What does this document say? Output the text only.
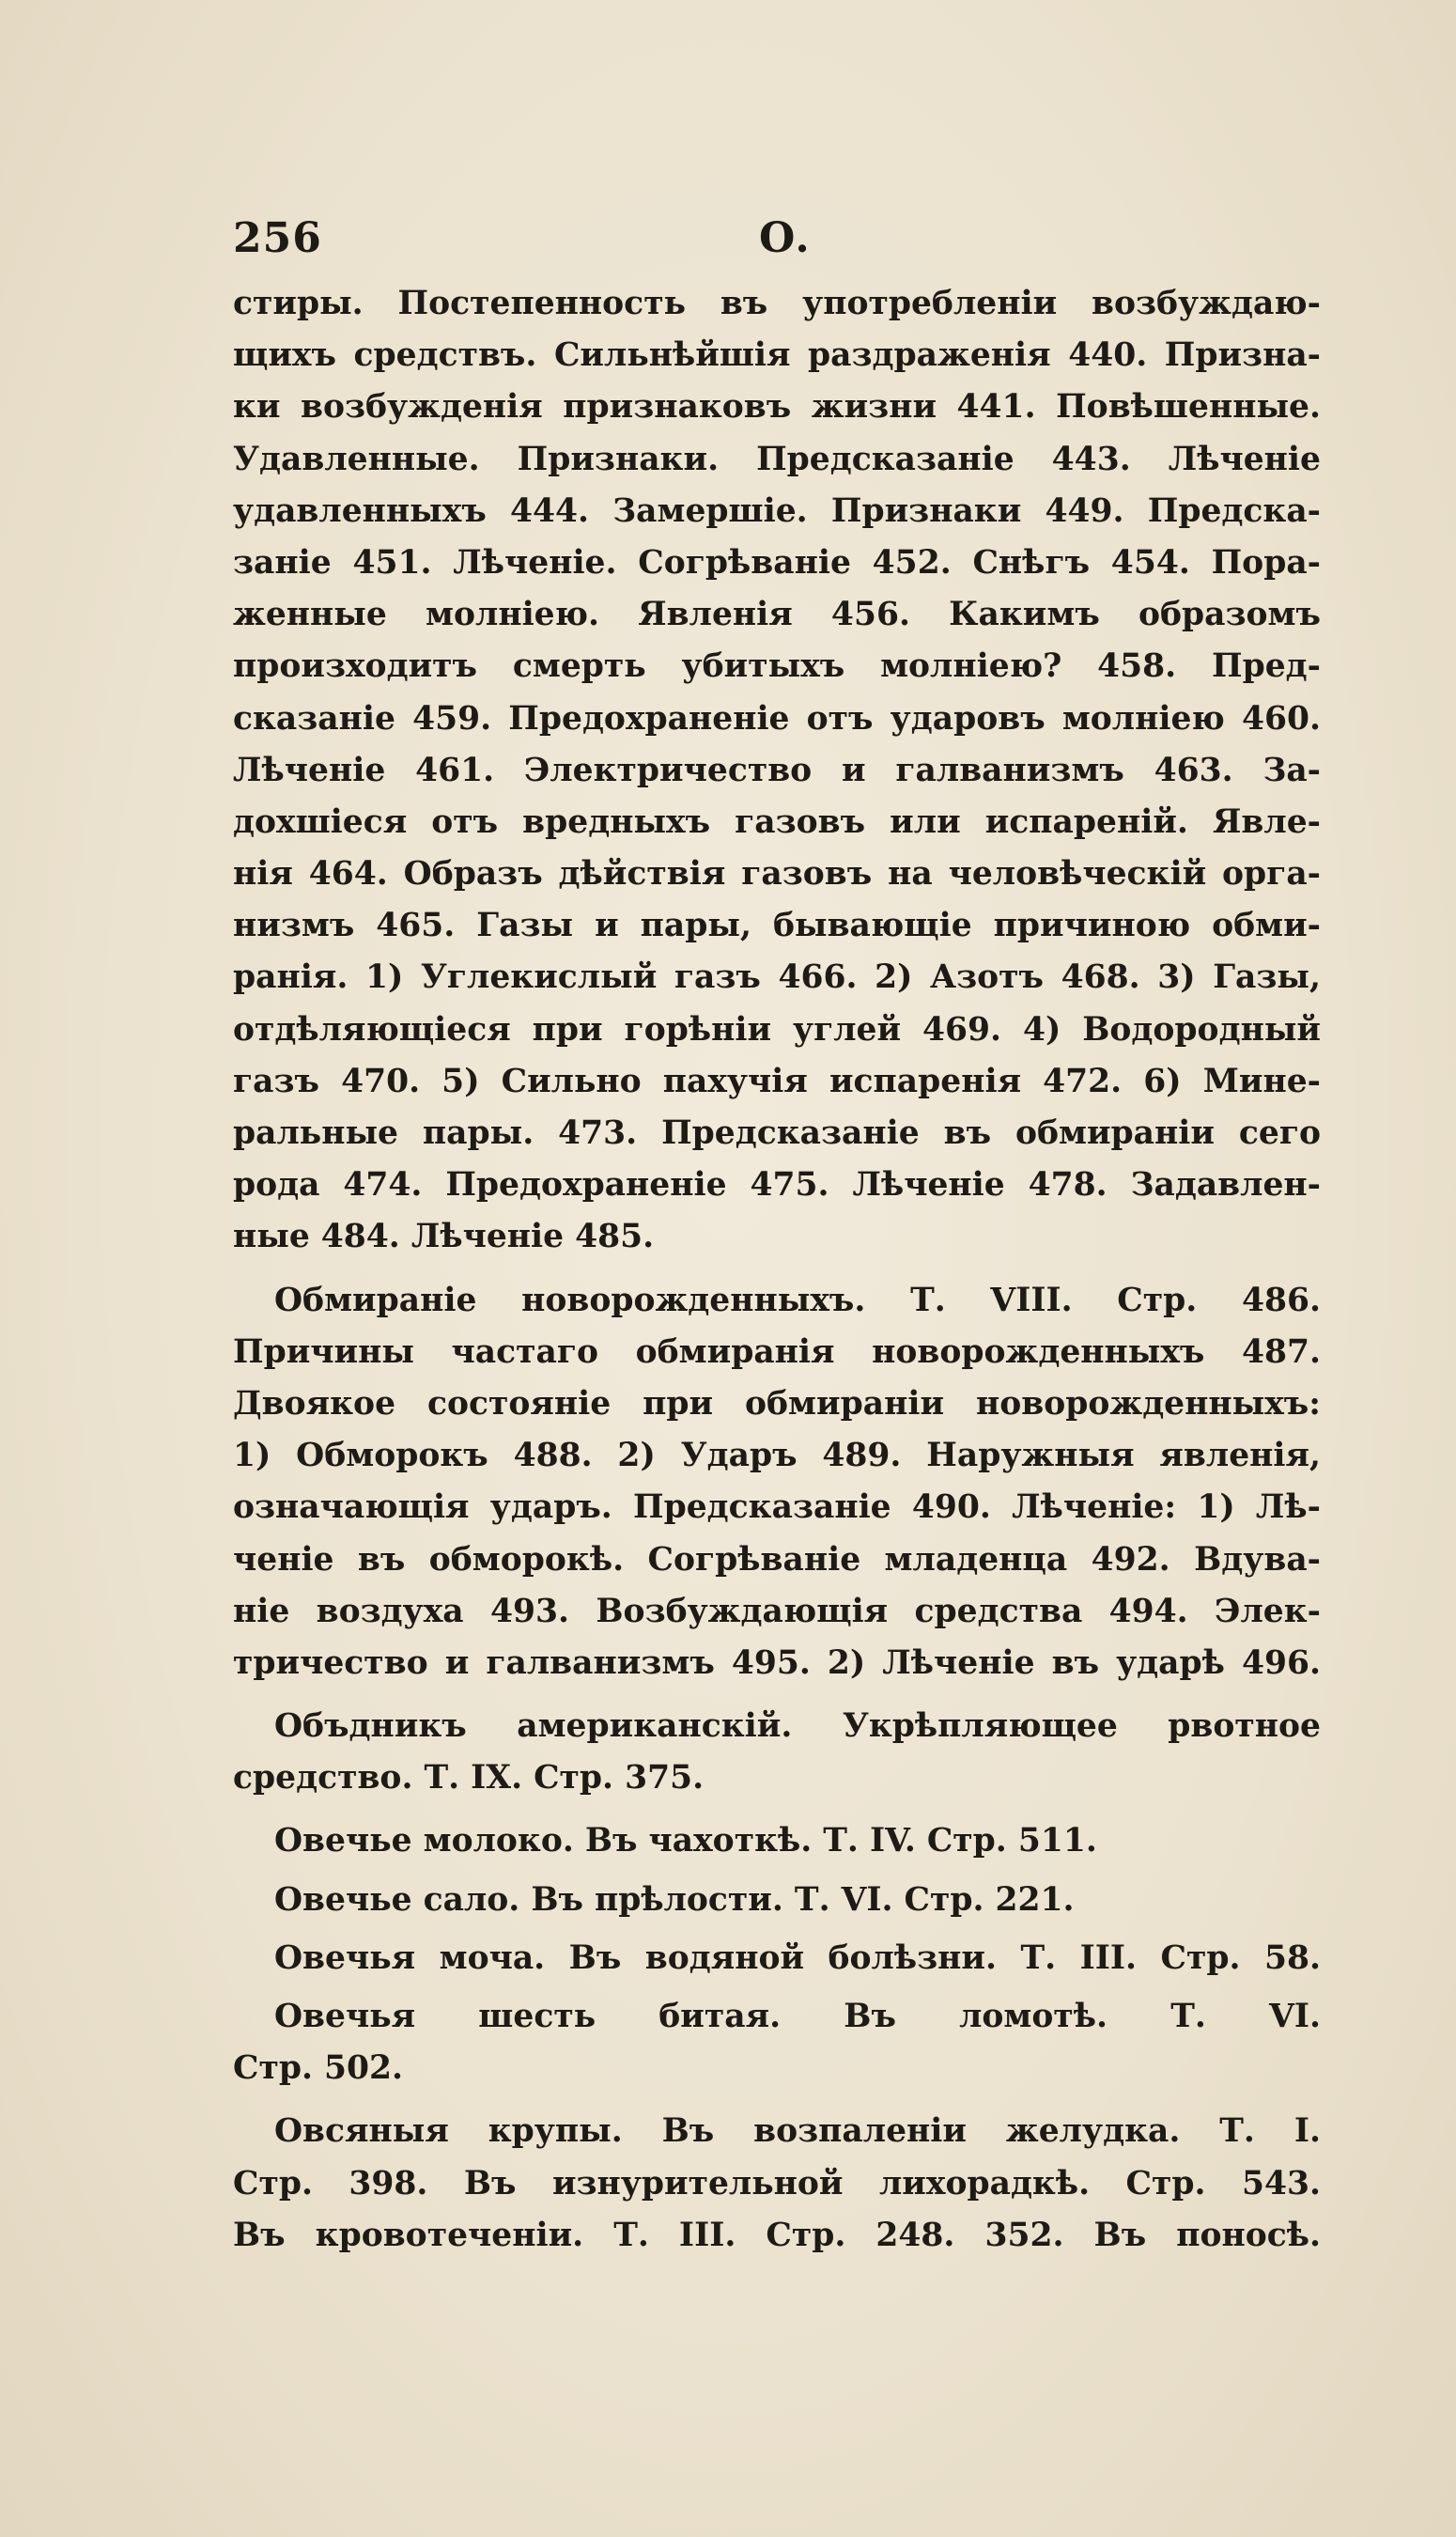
256	О.
стиры. Постепенность въ употребленіи возбуждаю-
щихъ средствъ. Сильнѣйшія раздраженія 440. Призна-
ки возбужденія признаковъ жизни 441. Повѣшенные.
Удавленные. Признаки. Предсказаніе 443. Лѣченіе
удавленныхъ 444. Замершіе. Признаки 449. Предска-
заніе 451. Лѣченіе. Согрѣваніе 452. Снѣгъ 454. Пора-
женные молніею. Явленія 456. Какимъ образомъ
произходитъ смерть убитыхъ молніею? 458. Пред-
сказаніе 459. Предохраненіе отъ ударовъ молніею 460.
Лѣченіе 461. Электричество и галванизмъ 463. За-
дохшіеся отъ вредныхъ газовъ или испареній. Явле-
нія 464. Образъ дѣйствія газовъ на человѣческій орга-
низмъ 465. Газы и пары, бывающіе причиною обми-
ранія. 1) Углекислый газъ 466. 2) Азотъ 468. 3) Газы,
отдѣляющіеся при горѣніи углей 469. 4) Водородный
газъ 470. 5) Сильно пахучія испаренія 472. 6) Мине-
ральные пары. 473. Предсказаніе въ обмираніи сего
рода 474. Предохраненіе 475. Лѣченіе 478. Задавлен-
ные 484. Лѣченіе 485.
Обмираніе новорожденныхъ. Т. VIII. Стр. 486.
Причины частаго обмиранія новорожденныхъ 487.
Двоякое состояніе при обмираніи новорожденныхъ:
1) Обморокъ 488. 2) Ударъ 489. Наружныя явленія,
означающія ударъ. Предсказаніе 490. Лѣченіе: 1) Лѣ-
ченіе въ обморокѣ. Согрѣваніе младенца 492. Вдува-
ніе воздуха 493. Возбуждающія средства 494. Элек-
тричество и галванизмъ 495. 2) Лѣченіе въ ударѣ 496.
Объдникъ американскій. Укрѣпляющее рвотное
средство. Т. IX. Стр. 375.
Овечье молоко. Въ чахоткѣ. Т. IV. Стр. 511.
Овечье сало. Въ прѣлости. Т. VI. Стр. 221.
Овечья моча. Въ водяной болѣзни. Т. III. Стр. 58.
Овечья шесть битая. Въ ломотѣ. Т. VI.
Стр. 502.
Овсяныя крупы. Въ возпаленіи желудка. Т. I.
Стр. 398. Въ изнурительной лихорадкѣ. Стр. 543.
Въ кровотеченіи. Т. III. Стр. 248. 352. Въ поносѣ.
